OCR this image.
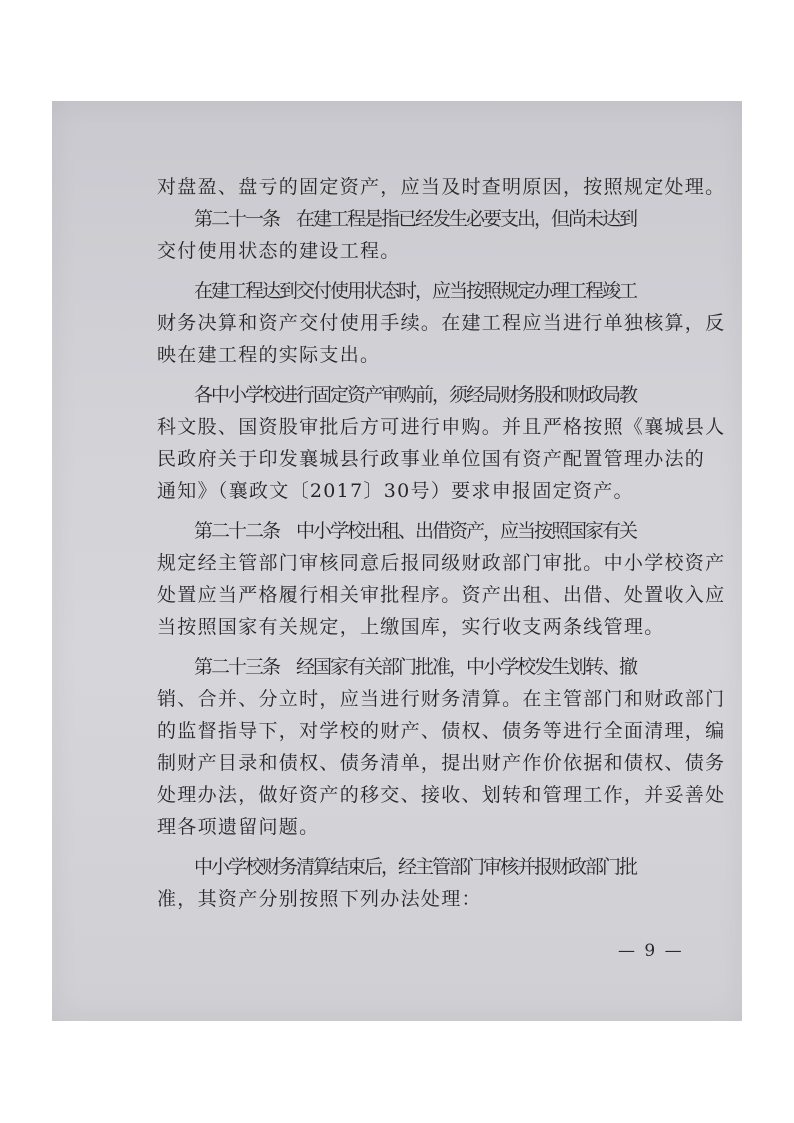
对盘盈、盘亏的固定资产，应当及时查明原因，按照规定处理。
第二十一条　在建工程是指已经发生必要支出，但尚未达到
交付使用状态的建设工程。
在建工程达到交付使用状态时，应当按照规定办理工程竣工
财务决算和资产交付使用手续。在建工程应当进行单独核算，反
映在建工程的实际支出。
各中小学校进行固定资产审购前，须经局财务股和财政局教
科文股、国资股审批后方可进行申购。并且严格按照《襄城县人
民政府关于印发襄城县行政事业单位国有资产配置管理办法的
通知》（襄政文〔2017〕30号）要求申报固定资产。
第二十二条　中小学校出租、出借资产，应当按照国家有关
规定经主管部门审核同意后报同级财政部门审批。中小学校资产
处置应当严格履行相关审批程序。资产出租、出借、处置收入应
当按照国家有关规定，上缴国库，实行收支两条线管理。
第二十三条　经国家有关部门批准，中小学校发生划转、撤
销、合并、分立时，应当进行财务清算。在主管部门和财政部门
的监督指导下，对学校的财产、债权、债务等进行全面清理，编
制财产目录和债权、债务清单，提出财产作价依据和债权、债务
处理办法，做好资产的移交、接收、划转和管理工作，并妥善处
理各项遗留问题。
中小学校财务清算结束后，经主管部门审核并报财政部门批
准，其资产分别按照下列办法处理：
— 9 —
